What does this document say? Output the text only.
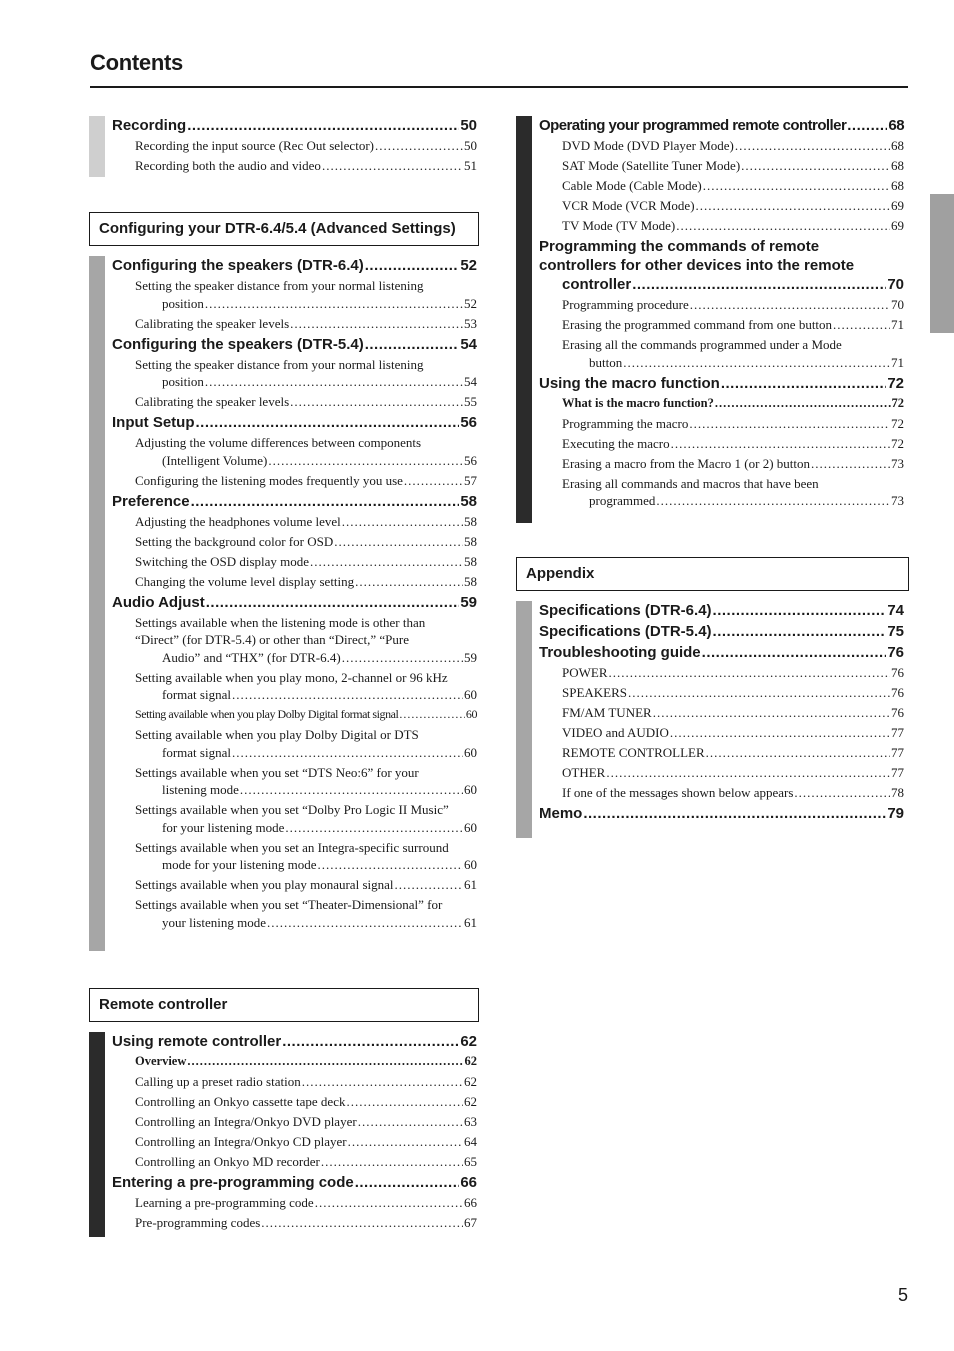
Contents
Recording .....	50
Recording the input source (Rec Out selector) .....	50
Recording both the audio and video .....	51
Configuring your DTR-6.4/5.4 (Advanced Settings)
Configuring the speakers (DTR-6.4) .....	52
Setting the speaker distance from your normal listening
position .....	52
Calibrating the speaker levels .....	53
Configuring the speakers (DTR-5.4) .....	54
Setting the speaker distance from your normal listening
position .....	54
Calibrating the speaker levels .....	55
Input Setup .....	56
Adjusting the volume differences between components
(Intelligent Volume) .....	56
Configuring the listening modes frequently you use .....	57
Preference .....	58
Adjusting the headphones volume level .....	58
Setting the background color for OSD .....	58
Switching the OSD display mode .....	58
Changing the volume level display setting .....	58
Audio Adjust .....	59
Settings available when the listening mode is other than
“Direct” (for DTR-5.4) or other than “Direct,” “Pure
Audio” and “THX” (for DTR-6.4) .....	59
Setting available when you play mono, 2-channel or 96 kHz
format signal .....	60
Setting available when you play Dolby Digital format signal .....	60
Setting available when you play Dolby Digital or DTS
format signal .....	60
Settings available when you set “DTS Neo:6” for your
listening mode .....	60
Settings available when you set “Dolby Pro Logic II Music”
for your listening mode .....	60
Settings available when you set an Integra-specific surround
mode for your listening mode .....	60
Settings available when you play monaural signal .....	61
Settings available when you set “Theater-Dimensional” for
your listening mode .....	61
Remote controller
Using remote controller .....	62
Overview .....	62
Calling up a preset radio station .....	62
Controlling an Onkyo cassette tape deck .....	62
Controlling an Integra/Onkyo DVD player .....	63
Controlling an Integra/Onkyo CD player .....	64
Controlling an Onkyo MD recorder .....	65
Entering a pre-programming code .....	66
Learning a pre-programming code .....	66
Pre-programming codes .....	67
Operating your programmed remote controller .....	68
DVD Mode (DVD Player Mode) .....	68
SAT Mode (Satellite Tuner Mode) .....	68
Cable Mode (Cable Mode) .....	68
VCR Mode (VCR Mode) .....	69
TV Mode (TV Mode) .....	69
Programming the commands of remote
controllers for other devices into the remote
controller .....	70
Programming procedure .....	70
Erasing the programmed command from one button .....	71
Erasing all the commands programmed under a Mode
button .....	71
Using the macro function .....	72
What is the macro function? .....	72
Programming the macro .....	72
Executing the macro .....	72
Erasing a macro from the Macro 1 (or 2) button .....	73
Erasing all commands and macros that have been
programmed .....	73
Appendix
Specifications (DTR-6.4) .....	74
Specifications (DTR-5.4) .....	75
Troubleshooting guide .....	76
POWER .....	76
SPEAKERS .....	76
FM/AM TUNER .....	76
VIDEO and AUDIO .....	77
REMOTE CONTROLLER .....	77
OTHER .....	77
If one of the messages shown below appears .....	78
Memo .....	79
5
